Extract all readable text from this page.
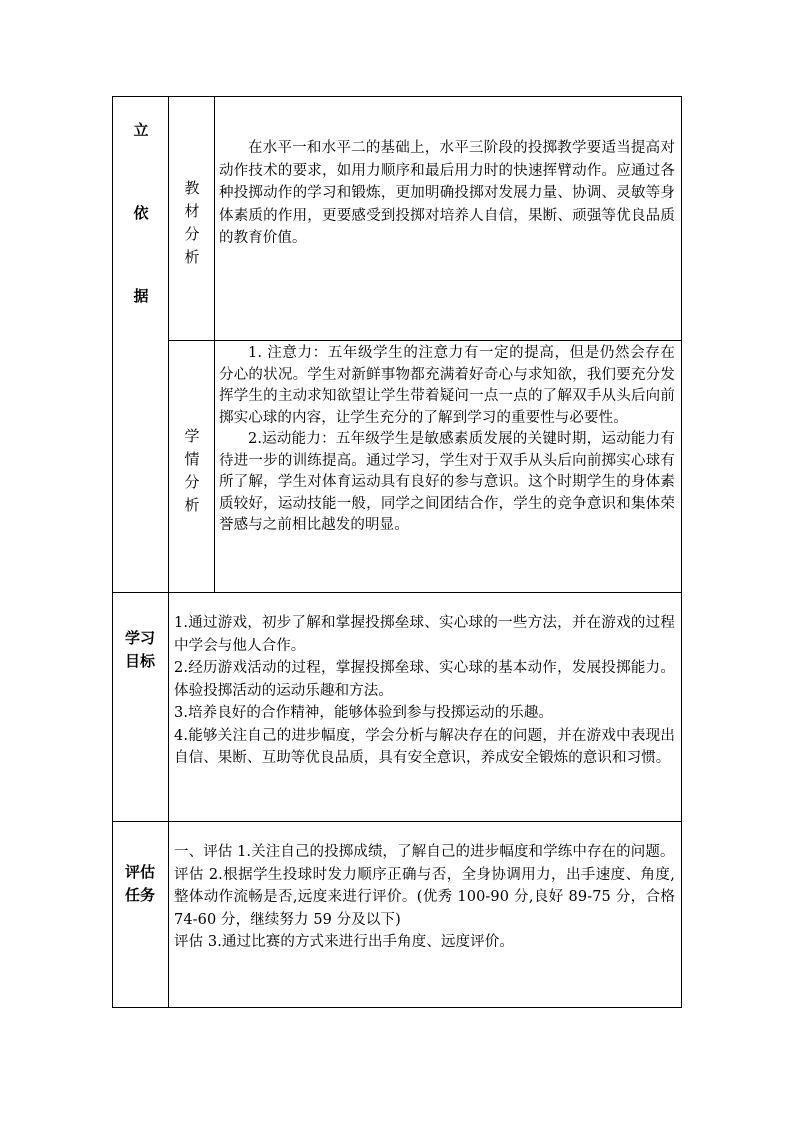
立
依
据
教
材
分
析
在水平一和水平二的基础上，水平三阶段的投掷教学要适当提高对动作技术的要求，如用力顺序和最后用力时的快速挥臂动作。应通过各种投掷动作的学习和锻炼，更加明确投掷对发展力量、协调、灵敏等身体素质的作用，更要感受到投掷对培养人自信，果断、顽强等优良品质的教育价值。
学
情
分
析
1. 注意力：五年级学生的注意力有一定的提高，但是仍然会存在分心的状况。学生对新鲜事物都充满着好奇心与求知欲，我们要充分发挥学生的主动求知欲望让学生带着疑问一点一点的了解双手从头后向前掷实心球的内容，让学生充分的了解到学习的重要性与必要性。
2.运动能力：五年级学生是敏感素质发展的关键时期，运动能力有待进一步的训练提高。通过学习，学生对于双手从头后向前掷实心球有所了解，学生对体育运动具有良好的参与意识。这个时期学生的身体素质较好，运动技能一般，同学之间团结合作，学生的竞争意识和集体荣誉感与之前相比越发的明显。
学习
目标

1.通过游戏，初步了解和掌握投掷垒球、实心球的一些方法，并在游戏的过程中学会与他人合作。

2.经历游戏活动的过程，掌握投掷垒球、实心球的基本动作，发展投掷能力。体验投掷活动的运动乐趣和方法。

3.培养良好的合作精神，能够体验到参与投掷运动的乐趣。

4.能够关注自己的进步幅度，学会分析与解决存在的问题，并在游戏中表现出自信、果断、互助等优良品质，具有安全意识，养成安全锻炼的意识和习惯。

评估
任务

一、评估 1.关注自己的投掷成绩，了解自己的进步幅度和学练中存在的问题。

评估 2.根据学生投球时发力顺序正确与否，全身协调用力，出手速度、角度,整体动作流畅是否,远度来进行评价。(优秀 100-90 分,良好 89-75 分，合格 74-60 分，继续努力 59 分及以下)

评估 3.通过比赛的方式来进行出手角度、远度评价。
